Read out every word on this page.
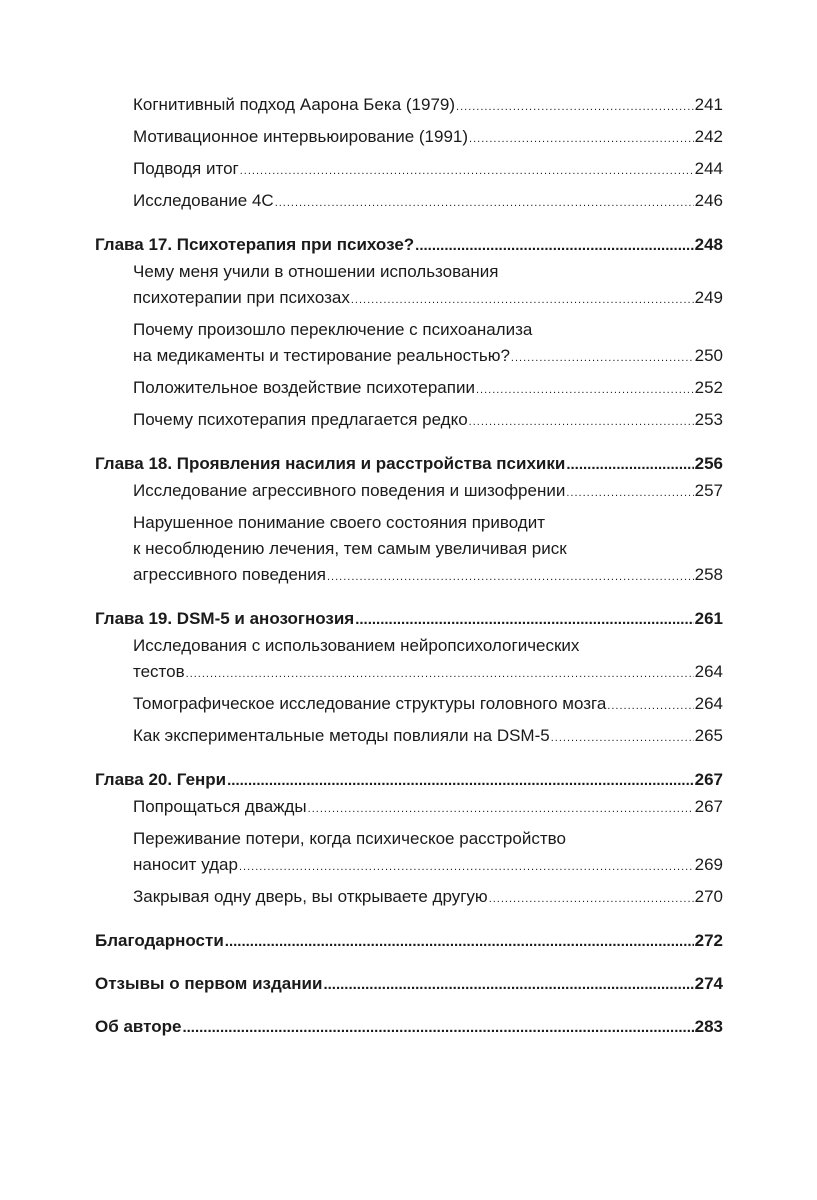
Когнитивный подход Аарона Бека (1979) .....	241
Мотивационное интервьюирование (1991) .....	242
Подводя итог .....	244
Исследование 4С .....	246
Глава 17. Психотерапия при психозе? .....	248
Чему меня учили в отношении использования
психотерапии при психозах .....	249
Почему произошло переключение с психоанализа
на медикаменты и тестирование реальностью? .....	250
Положительное воздействие психотерапии .....	252
Почему психотерапия предлагается редко .....	253
Глава 18. Проявления насилия и расстройства психики .....	256
Исследование агрессивного поведения и шизофрении .....	257
Нарушенное понимание своего состояния приводит
к несоблюдению лечения, тем самым увеличивая риск
агрессивного поведения .....	258
Глава 19. DSM-5 и анозогнозия .....	261
Исследования с использованием нейропсихологических
тестов .....	264
Томографическое исследование структуры головного мозга .....	264
Как экспериментальные методы повлияли на DSM-5 .....	265
Глава 20. Генри .....	267
Попрощаться дважды .....	267
Переживание потери, когда психическое расстройство
наносит удар .....	269
Закрывая одну дверь, вы открываете другую .....	270
Благодарности .....	272
Отзывы о первом издании .....	274
Об авторе .....	283
